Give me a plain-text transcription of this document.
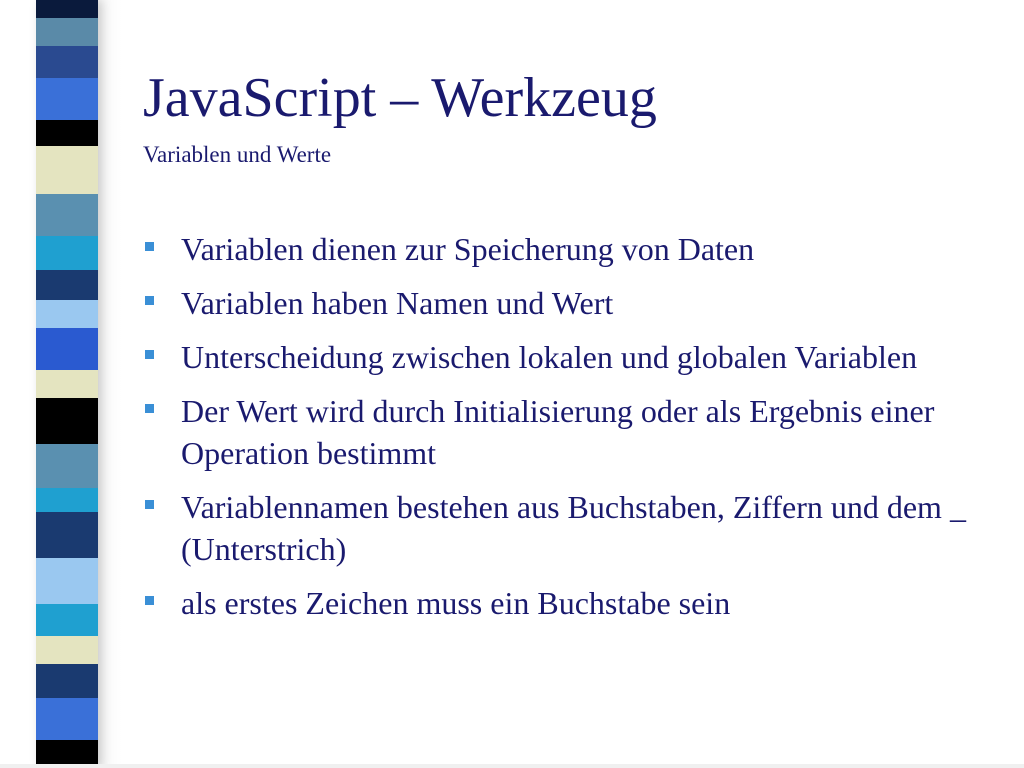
JavaScript – Werkzeug
Variablen und Werte
Variablen dienen zur Speicherung von Daten
Variablen haben Namen und Wert
Unterscheidung zwischen lokalen und globalen Variablen
Der Wert wird durch Initialisierung oder als Ergebnis einer Operation bestimmt
Variablennamen bestehen aus Buchstaben, Ziffern und dem _ (Unterstrich)
als erstes Zeichen muss ein Buchstabe sein
